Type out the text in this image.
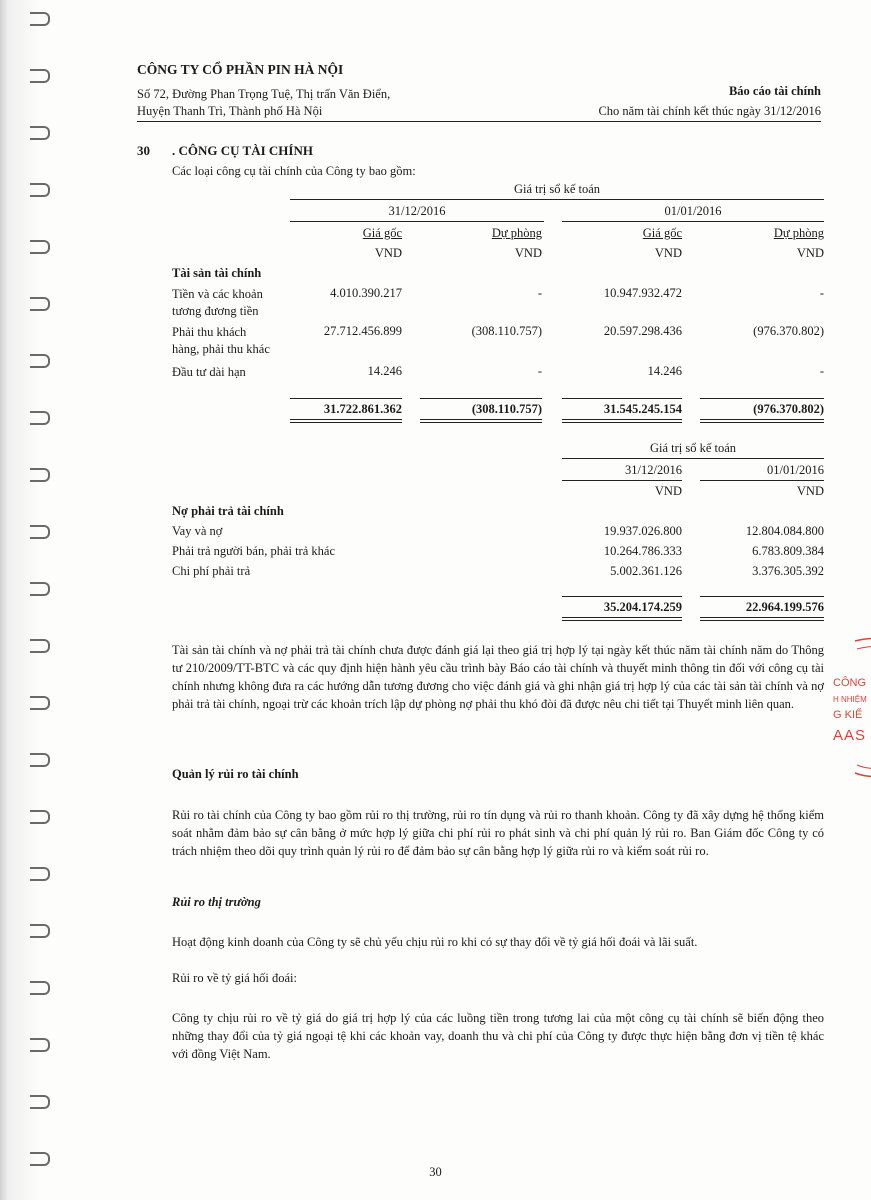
CÔNG TY CỔ PHẦN PIN HÀ NỘI
Số 72, Đường Phan Trọng Tuệ, Thị trấn Văn Điển,
Huyện Thanh Trì, Thành phố Hà Nội
Báo cáo tài chính
Cho năm tài chính kết thúc ngày 31/12/2016
30 . CÔNG CỤ TÀI CHÍNH
Các loại công cụ tài chính của Công ty bao gồm:
Giá trị sổ kế toán
31/12/2016	01/01/2016
Giá gốc	Dự phòng	Giá gốc	Dự phòng
VND	VND	VND	VND
Tài sản tài chính
Tiền và các khoản
tương đương tiền
4.010.390.217	-	10.947.932.472	-
Phải thu khách
hàng, phải thu khác
27.712.456.899	(308.110.757)	20.597.298.436	(976.370.802)
Đầu tư dài hạn	14.246	-	14.246	-
31.722.861.362	(308.110.757)	31.545.245.154	(976.370.802)
Giá trị sổ kế toán
31/12/2016	01/01/2016
VND	VND
Nợ phải trả tài chính
Vay và nợ	19.937.026.800	12.804.084.800
Phải trả người bán, phải trả khác	10.264.786.333	6.783.809.384
Chi phí phải trả	5.002.361.126	3.376.305.392
35.204.174.259	22.964.199.576
Tài sản tài chính và nợ phải trả tài chính chưa được đánh giá lại theo giá trị hợp lý tại ngày kết thúc năm tài chính năm do Thông tư 210/2009/TT-BTC và các quy định hiện hành yêu cầu trình bày Báo cáo tài chính và thuyết minh thông tin đối với công cụ tài chính nhưng không đưa ra các hướng dẫn tương đương cho việc đánh giá và ghi nhận giá trị hợp lý của các tài sản tài chính và nợ phải trả tài chính, ngoại trừ các khoản trích lập dự phòng nợ phải thu khó đòi đã được nêu chi tiết tại Thuyết minh liên quan.
Quản lý rủi ro tài chính
Rủi ro tài chính của Công ty bao gồm rủi ro thị trường, rủi ro tín dụng và rủi ro thanh khoản. Công ty đã xây dựng hệ thống kiểm soát nhằm đảm bảo sự cân bằng ở mức hợp lý giữa chi phí rủi ro phát sinh và chi phí quản lý rủi ro. Ban Giám đốc Công ty có trách nhiệm theo dõi quy trình quản lý rủi ro để đảm bảo sự cân bằng hợp lý giữa rủi ro và kiểm soát rủi ro.
Rủi ro thị trường
Hoạt động kinh doanh của Công ty sẽ chủ yếu chịu rủi ro khi có sự thay đổi về tỷ giá hối đoái và lãi suất.
Rủi ro về tỷ giá hối đoái:
Công ty chịu rủi ro về tỷ giá do giá trị hợp lý của các luồng tiền trong tương lai của một công cụ tài chính sẽ biến động theo những thay đổi của tỷ giá ngoại tệ khi các khoản vay, doanh thu và chi phí của Công ty được thực hiện bằng đơn vị tiền tệ khác với đồng Việt Nam.
CÔNG
H NHIỆM
G KIỂ
AAS
30
